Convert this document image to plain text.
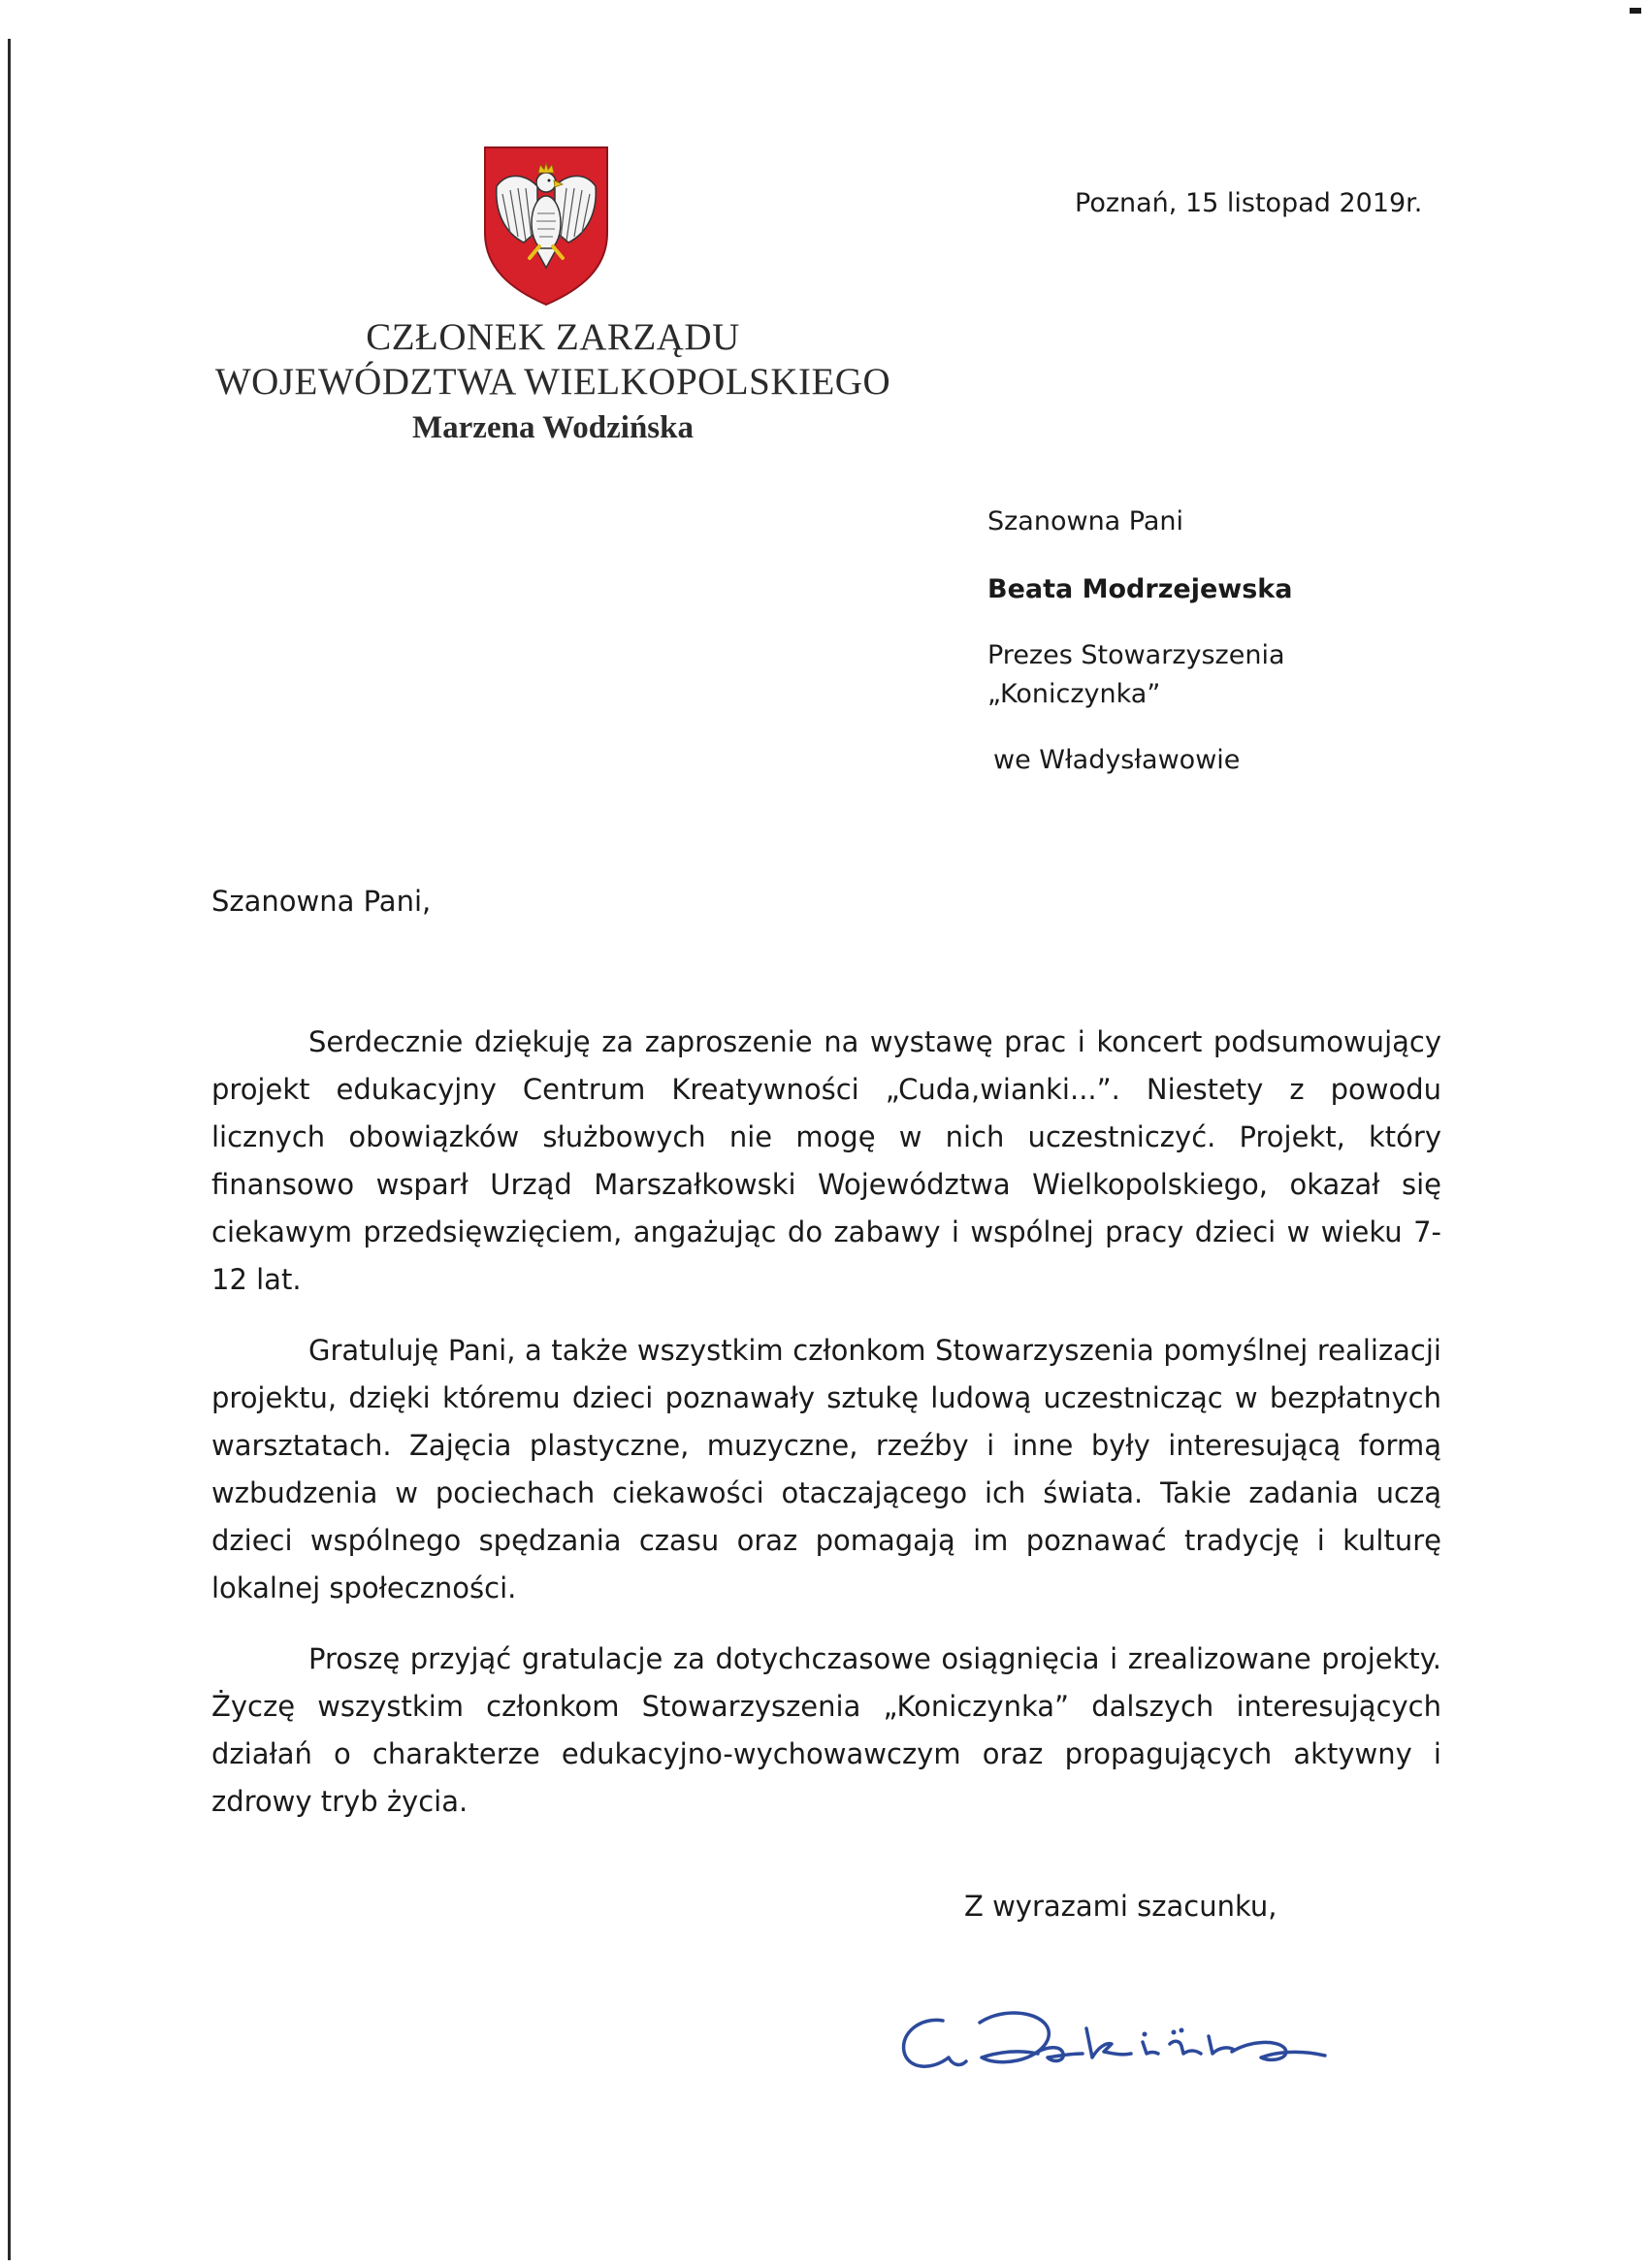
Poznań, 15 listopad 2019r.
CZŁONEK ZARZĄDU
WOJEWÓDZTWA WIELKOPOLSKIEGO
Marzena Wodzińska
Szanowna Pani
Beata Modrzejewska
Prezes Stowarzyszenia
„Koniczynka”
we Władysławowie
Szanowna Pani,

Serdecznie dziękuję za zaproszenie na wystawę prac i koncert podsumowujący projekt edukacyjny Centrum Kreatywności „Cuda,wianki...”. Niestety z powodu licznych obowiązków służbowych nie mogę w nich uczestniczyć. Projekt, który finansowo wsparł Urząd Marszałkowski Województwa Wielkopolskiego, okazał się ciekawym przedsięwzięciem, angażując do zabawy i wspólnej pracy dzieci w wieku 7-12 lat.

Gratuluję Pani, a także wszystkim członkom Stowarzyszenia pomyślnej realizacji projektu, dzięki któremu dzieci poznawały sztukę ludową uczestnicząc w bezpłatnych warsztatach. Zajęcia plastyczne, muzyczne, rzeźby i inne były interesującą formą wzbudzenia w pociechach ciekawości otaczającego ich świata. Takie zadania uczą dzieci wspólnego spędzania czasu oraz pomagają im poznawać tradycję i kulturę lokalnej społeczności.

Proszę przyjąć gratulacje za dotychczasowe osiągnięcia i zrealizowane projekty. Życzę wszystkim członkom Stowarzyszenia „Koniczynka” dalszych interesujących działań o charakterze edukacyjno-wychowawczym oraz propagujących aktywny i zdrowy tryb życia.

Z wyrazami szacunku,
